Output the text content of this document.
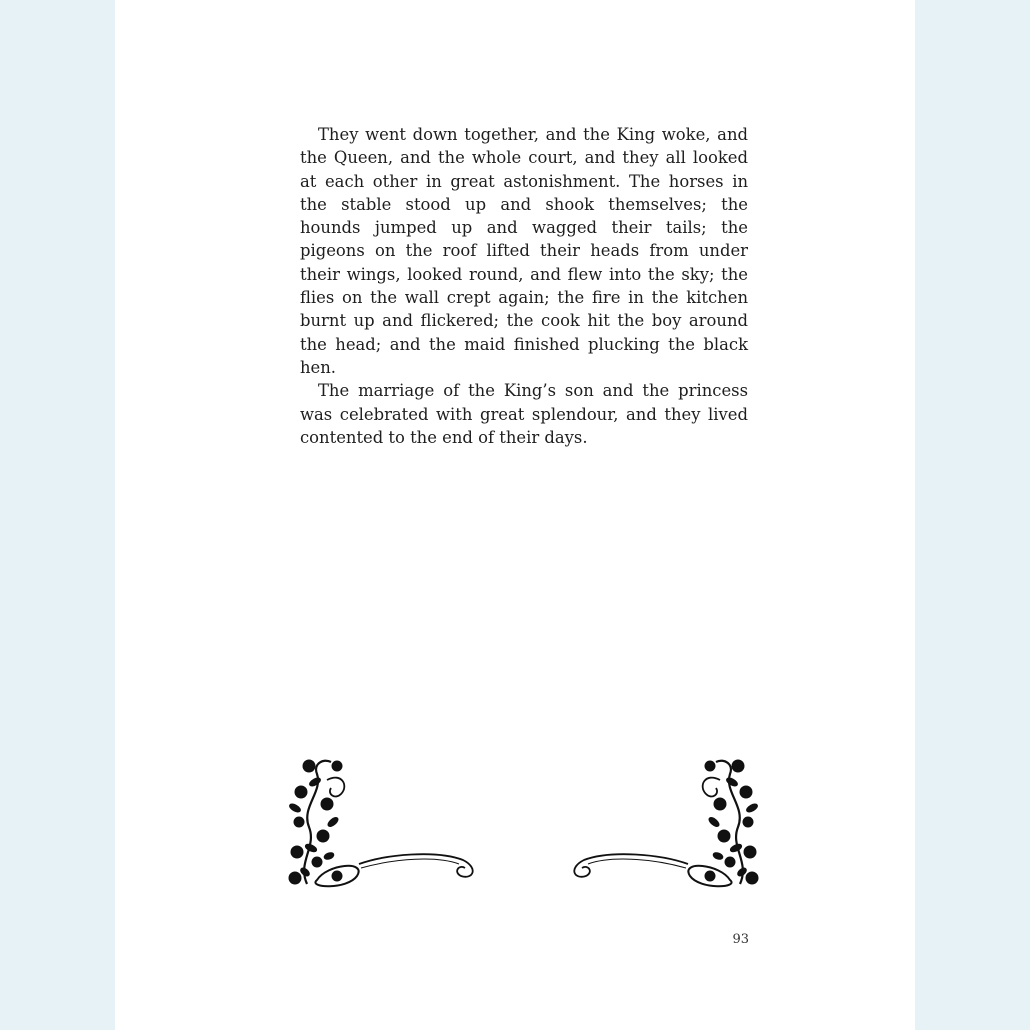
They went down together, and the King woke, and the Queen, and the whole court, and they all looked at each other in great astonishment. The horses in the stable stood up and shook themselves; the hounds jumped up and wagged their tails; the pigeons on the roof lifted their heads from under their wings, looked round, and flew into the sky; the flies on the wall crept again; the fire in the kitchen burnt up and flickered; the cook hit the boy around the head; and the maid finished plucking the black hen.

The marriage of the King’s son and the princess was celebrated with great splendour, and they lived contented to the end of their days.

93
